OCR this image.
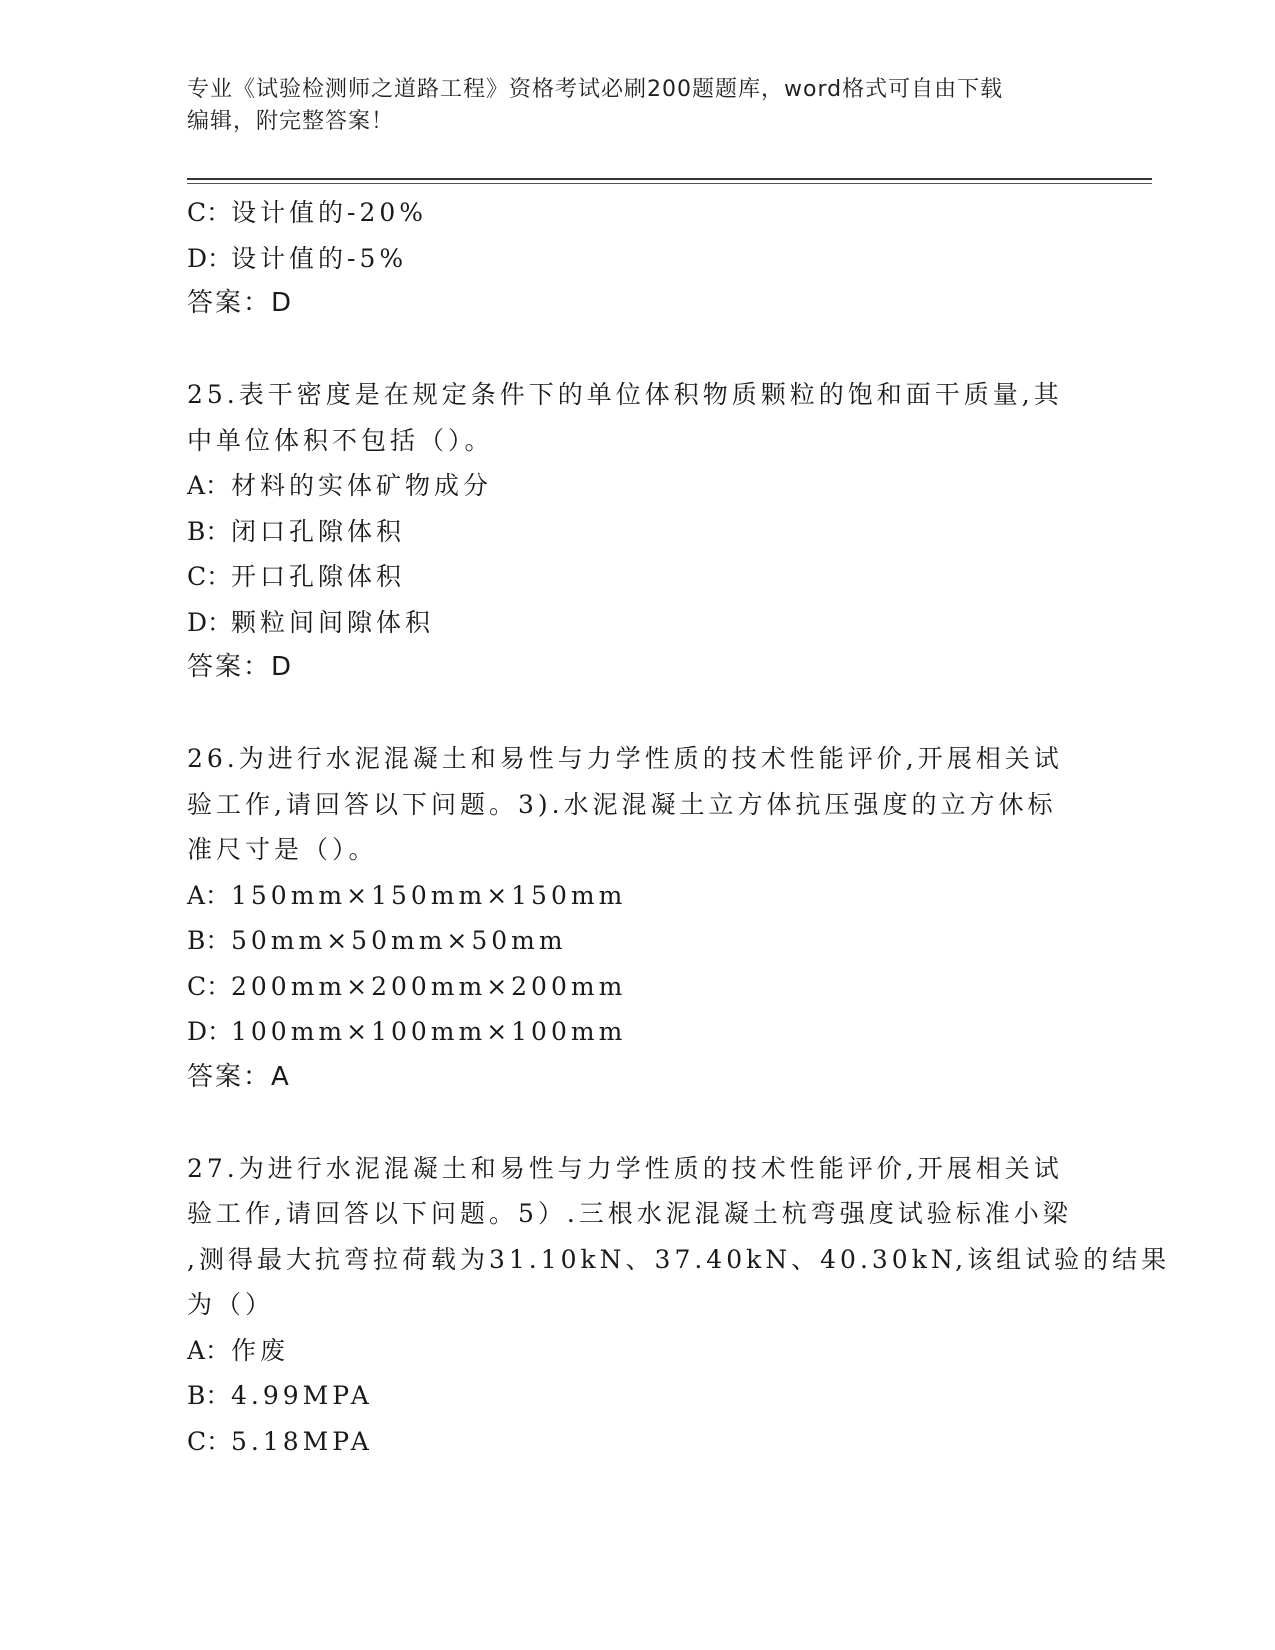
专业《试验检测师之道路工程》资格考试必刷200题题库，word格式可自由下载
编辑，附完整答案！
C：设计值的-20%
D：设计值的-5%
答案：D
25.表干密度是在规定条件下的单位体积物质颗粒的饱和面干质量,其
中单位体积不包括（）。
A：材料的实体矿物成分
B：闭口孔隙体积
C：开口孔隙体积
D：颗粒间间隙体积
答案：D
26.为进行水泥混凝土和易性与力学性质的技术性能评价,开展相关试
验工作,请回答以下问题。3).水泥混凝土立方体抗压强度的立方休标
准尺寸是（）。
A：150mm×150mm×150mm
B：50mm×50mm×50mm
C：200mm×200mm×200mm
D：100mm×100mm×100mm
答案：A
27.为进行水泥混凝土和易性与力学性质的技术性能评价,开展相关试
验工作,请回答以下问题。5）.三根水泥混凝土杭弯强度试验标准小梁
,测得最大抗弯拉荷载为31.10kN、37.40kN、40.30kN,该组试验的结果
为（）
A：作废
B：4.99MPA
C：5.18MPA
